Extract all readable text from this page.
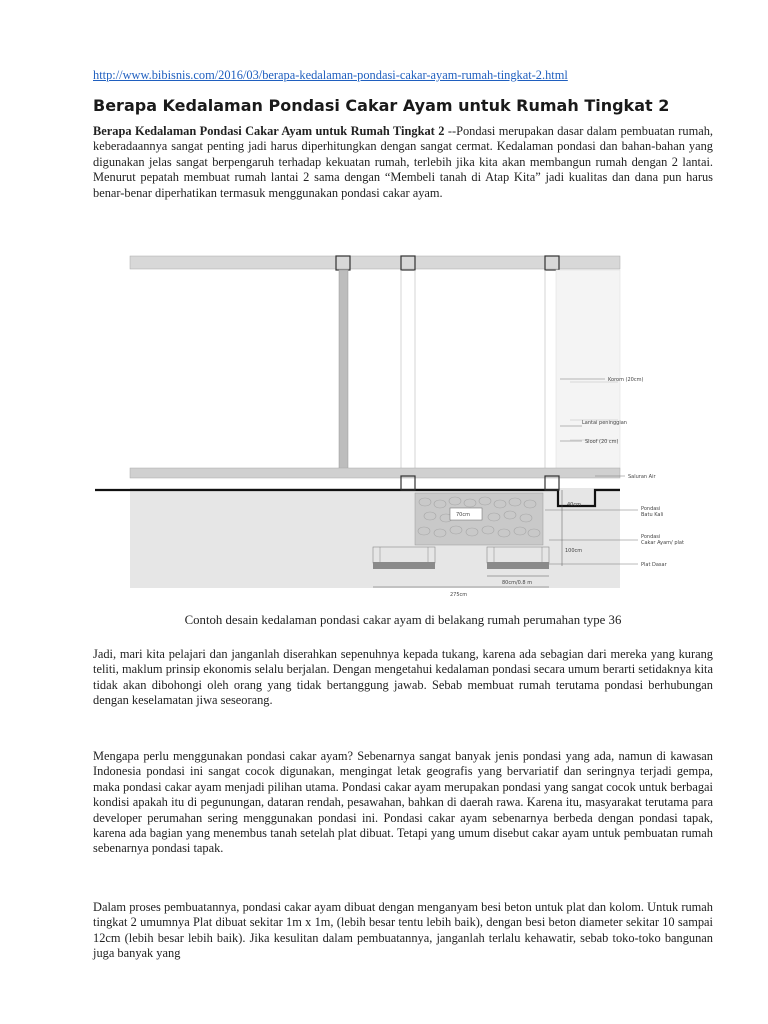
http://www.bibisnis.com/2016/03/berapa-kedalaman-pondasi-cakar-ayam-rumah-tingkat-2.html
Berapa Kedalaman Pondasi Cakar Ayam untuk Rumah Tingkat 2

Berapa Kedalaman Pondasi Cakar Ayam untuk Rumah Tingkat 2 --Pondasi merupakan dasar dalam pembuatan rumah, keberadaannya sangat penting jadi harus diperhitungkan dengan sangat cermat. Kedalaman pondasi dan bahan-bahan yang digunakan jelas sangat berpengaruh terhadap kekuatan rumah, terlebih jika kita akan membangun rumah dengan 2 lantai. Menurut pepatah membuat rumah lantai 2 sama dengan “Membeli tanah di Atap Kita” jadi kualitas dan dana pun harus benar-benar diperhatikan termasuk menggunakan pondasi cakar ayam.

70cm
40cm
100cm
80cm/0.8 m
275cm
Korom (20cm)
Lantai peninggian
Sloof (20 cm)
Saluran Air
Pondasi
Batu Kali
Pondasi
Cakar Ayam/ plat
Plat Dasar
Contoh desain kedalaman pondasi cakar ayam di belakang rumah perumahan type 36

Jadi, mari kita pelajari dan janganlah diserahkan sepenuhnya kepada tukang, karena ada sebagian dari mereka yang kurang teliti, maklum prinsip ekonomis selalu berjalan. Dengan mengetahui kedalaman pondasi secara umum berarti setidaknya kita tidak akan dibohongi oleh orang yang tidak bertanggung jawab. Sebab membuat rumah terutama pondasi berhubungan dengan keselamatan jiwa seseorang.

Mengapa perlu menggunakan pondasi cakar ayam? Sebenarnya sangat banyak jenis pondasi yang ada, namun di kawasan Indonesia pondasi ini sangat cocok digunakan, mengingat letak geografis yang bervariatif dan seringnya terjadi gempa, maka pondasi cakar ayam menjadi pilihan utama. Pondasi cakar ayam merupakan pondasi yang sangat cocok untuk berbagai kondisi apakah itu di pegunungan, dataran rendah, pesawahan, bahkan di daerah rawa. Karena itu, masyarakat terutama para developer perumahan sering menggunakan pondasi ini. Pondasi cakar ayam sebenarnya berbeda dengan pondasi tapak, karena ada bagian yang menembus tanah setelah plat dibuat. Tetapi yang umum disebut cakar ayam untuk pembuatan rumah sebenarnya pondasi tapak.

Dalam proses pembuatannya, pondasi cakar ayam dibuat dengan menganyam besi beton untuk plat dan kolom. Untuk rumah tingkat 2 umumnya Plat dibuat sekitar 1m x 1m, (lebih besar tentu lebih baik), dengan besi beton diameter sekitar 10 sampai 12cm (lebih besar lebih baik). Jika kesulitan dalam pembuatannya, janganlah terlalu kehawatir, sebab toko-toko bangunan juga banyak yang
